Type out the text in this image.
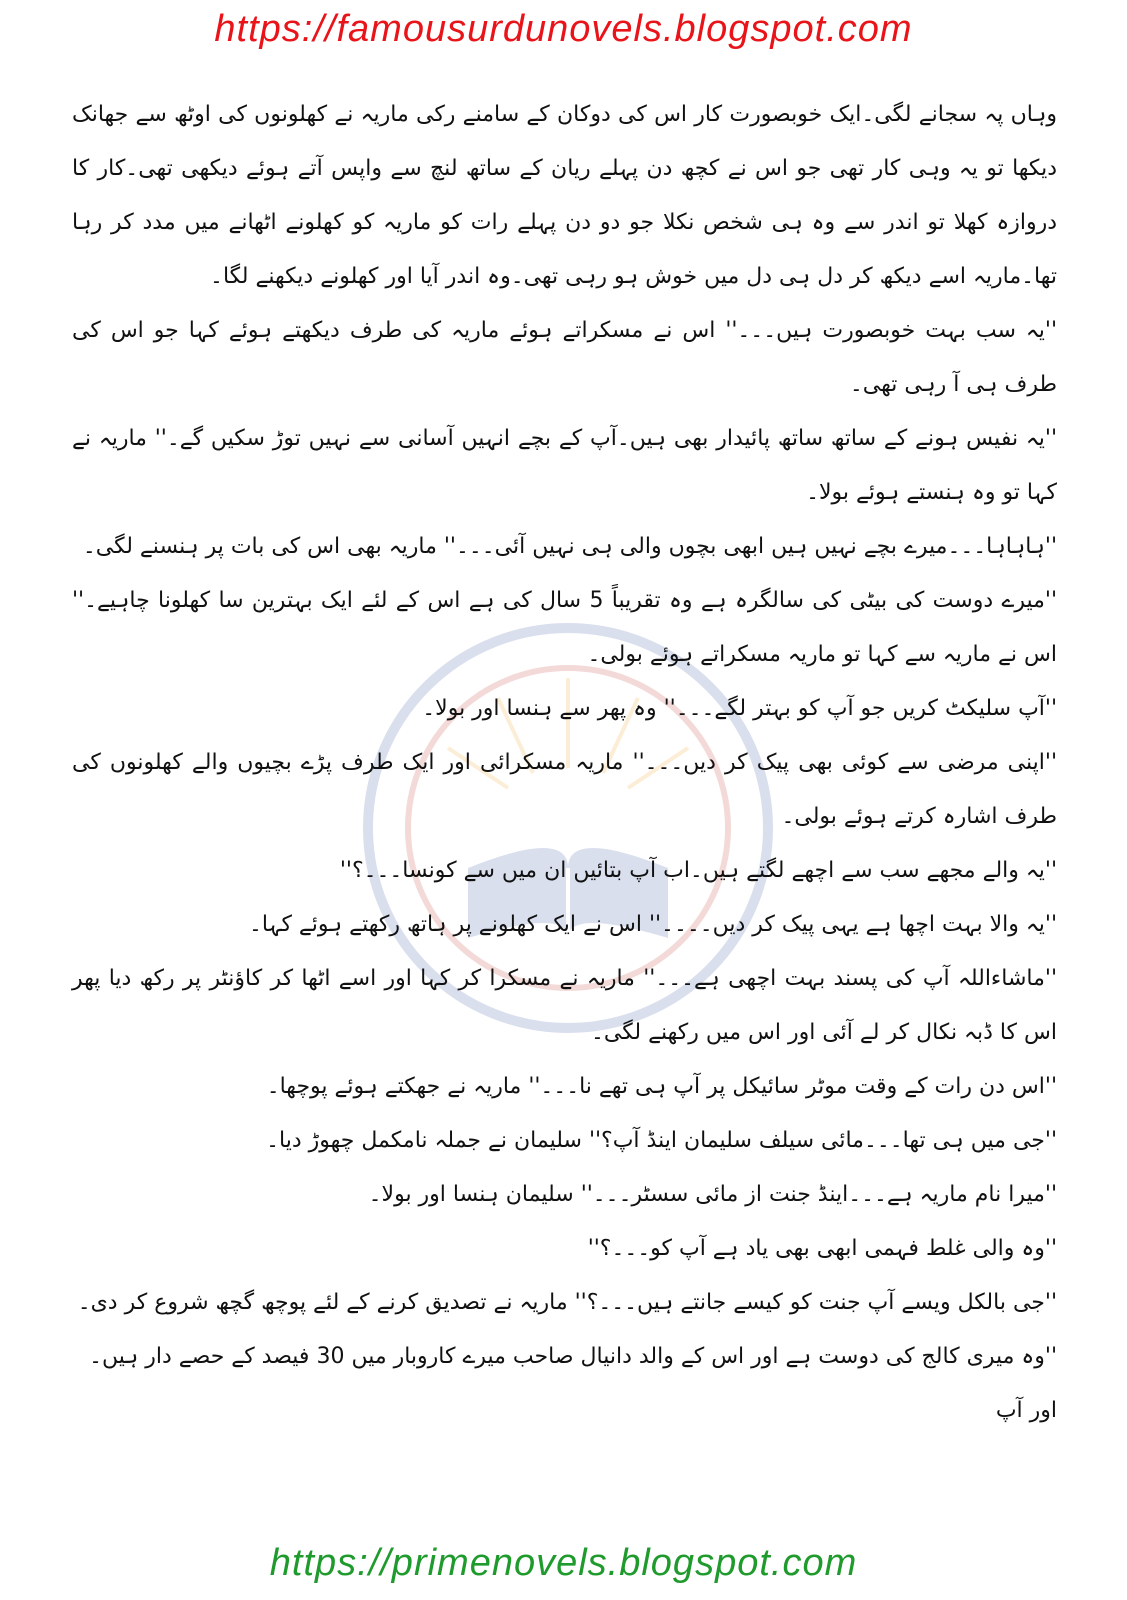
https://famousurdunovels.blogspot.com

وہاں پہ سجانے لگی۔ایک خوبصورت کار اس کی دوکان کے سامنے رکی ماریہ نے کھلونوں کی اوٹھ سے جھانک دیکھا تو یہ وہی کار تھی جو اس نے کچھ دن پہلے ریان کے ساتھ لنچ سے واپس آتے ہوئے دیکھی تھی۔کار کا دروازہ کھلا تو اندر سے وہ ہی شخص نکلا جو دو دن پہلے رات کو ماریہ کو کھلونے اٹھانے میں مدد کر رہا تھا۔ماریہ اسے دیکھ کر دل ہی دل میں خوش ہو رہی تھی۔وہ اندر آیا اور کھلونے دیکھنے لگا۔

''یہ سب بہت خوبصورت ہیں۔۔۔'' اس نے مسکراتے ہوئے ماریہ کی طرف دیکھتے ہوئے کہا جو اس کی طرف ہی آ رہی تھی۔

''یہ نفیس ہونے کے ساتھ ساتھ پائیدار بھی ہیں۔آپ کے بچے انہیں آسانی سے نہیں توڑ سکیں گے۔'' ماریہ نے کہا تو وہ ہنستے ہوئے بولا۔

''ہاہاہا۔۔۔میرے بچے نہیں ہیں ابھی بچوں والی ہی نہیں آئی۔۔۔'' ماریہ بھی اس کی بات پر ہنسنے لگی۔

''میرے دوست کی بیٹی کی سالگرہ ہے وہ تقریباً 5 سال کی ہے اس کے لئے ایک بہترین سا کھلونا چاہیے۔'' اس نے ماریہ سے کہا تو ماریہ مسکراتے ہوئے بولی۔

''آپ سلیکٹ کریں جو آپ کو بہتر لگے۔۔۔'' وہ پھر سے ہنسا اور بولا۔

''اپنی مرضی سے کوئی بھی پیک کر دیں۔۔۔'' ماریہ مسکرائی اور ایک طرف پڑے بچیوں والے کھلونوں کی طرف اشارہ کرتے ہوئے بولی۔

''یہ والے مجھے سب سے اچھے لگتے ہیں۔اب آپ بتائیں ان میں سے کونسا۔۔۔؟''

''یہ والا بہت اچھا ہے یہی پیک کر دیں۔۔۔۔'' اس نے ایک کھلونے پر ہاتھ رکھتے ہوئے کہا۔

''ماشاءاللہ آپ کی پسند بہت اچھی ہے۔۔۔'' ماریہ نے مسکرا کر کہا اور اسے اٹھا کر کاؤنٹر پر رکھ دیا پھر اس کا ڈبہ نکال کر لے آئی اور اس میں رکھنے لگی۔

''اس دن رات کے وقت موٹر سائیکل پر آپ ہی تھے نا۔۔۔'' ماریہ نے جھکتے ہوئے پوچھا۔

''جی میں ہی تھا۔۔۔مائی سیلف سلیمان اینڈ آپ؟'' سلیمان نے جملہ نامکمل چھوڑ دیا۔

''میرا نام ماریہ ہے۔۔۔اینڈ جنت از مائی سسٹر۔۔۔'' سلیمان ہنسا اور بولا۔

''وہ والی غلط فہمی ابھی بھی یاد ہے آپ کو۔۔۔؟''

''جی بالکل ویسے آپ جنت کو کیسے جانتے ہیں۔۔۔؟'' ماریہ نے تصدیق کرنے کے لئے پوچھ گچھ شروع کر دی۔

''وہ میری کالج کی دوست ہے اور اس کے والد دانیال صاحب میرے کاروبار میں 30 فیصد کے حصے دار ہیں۔اور آپ

https://primenovels.blogspot.com
